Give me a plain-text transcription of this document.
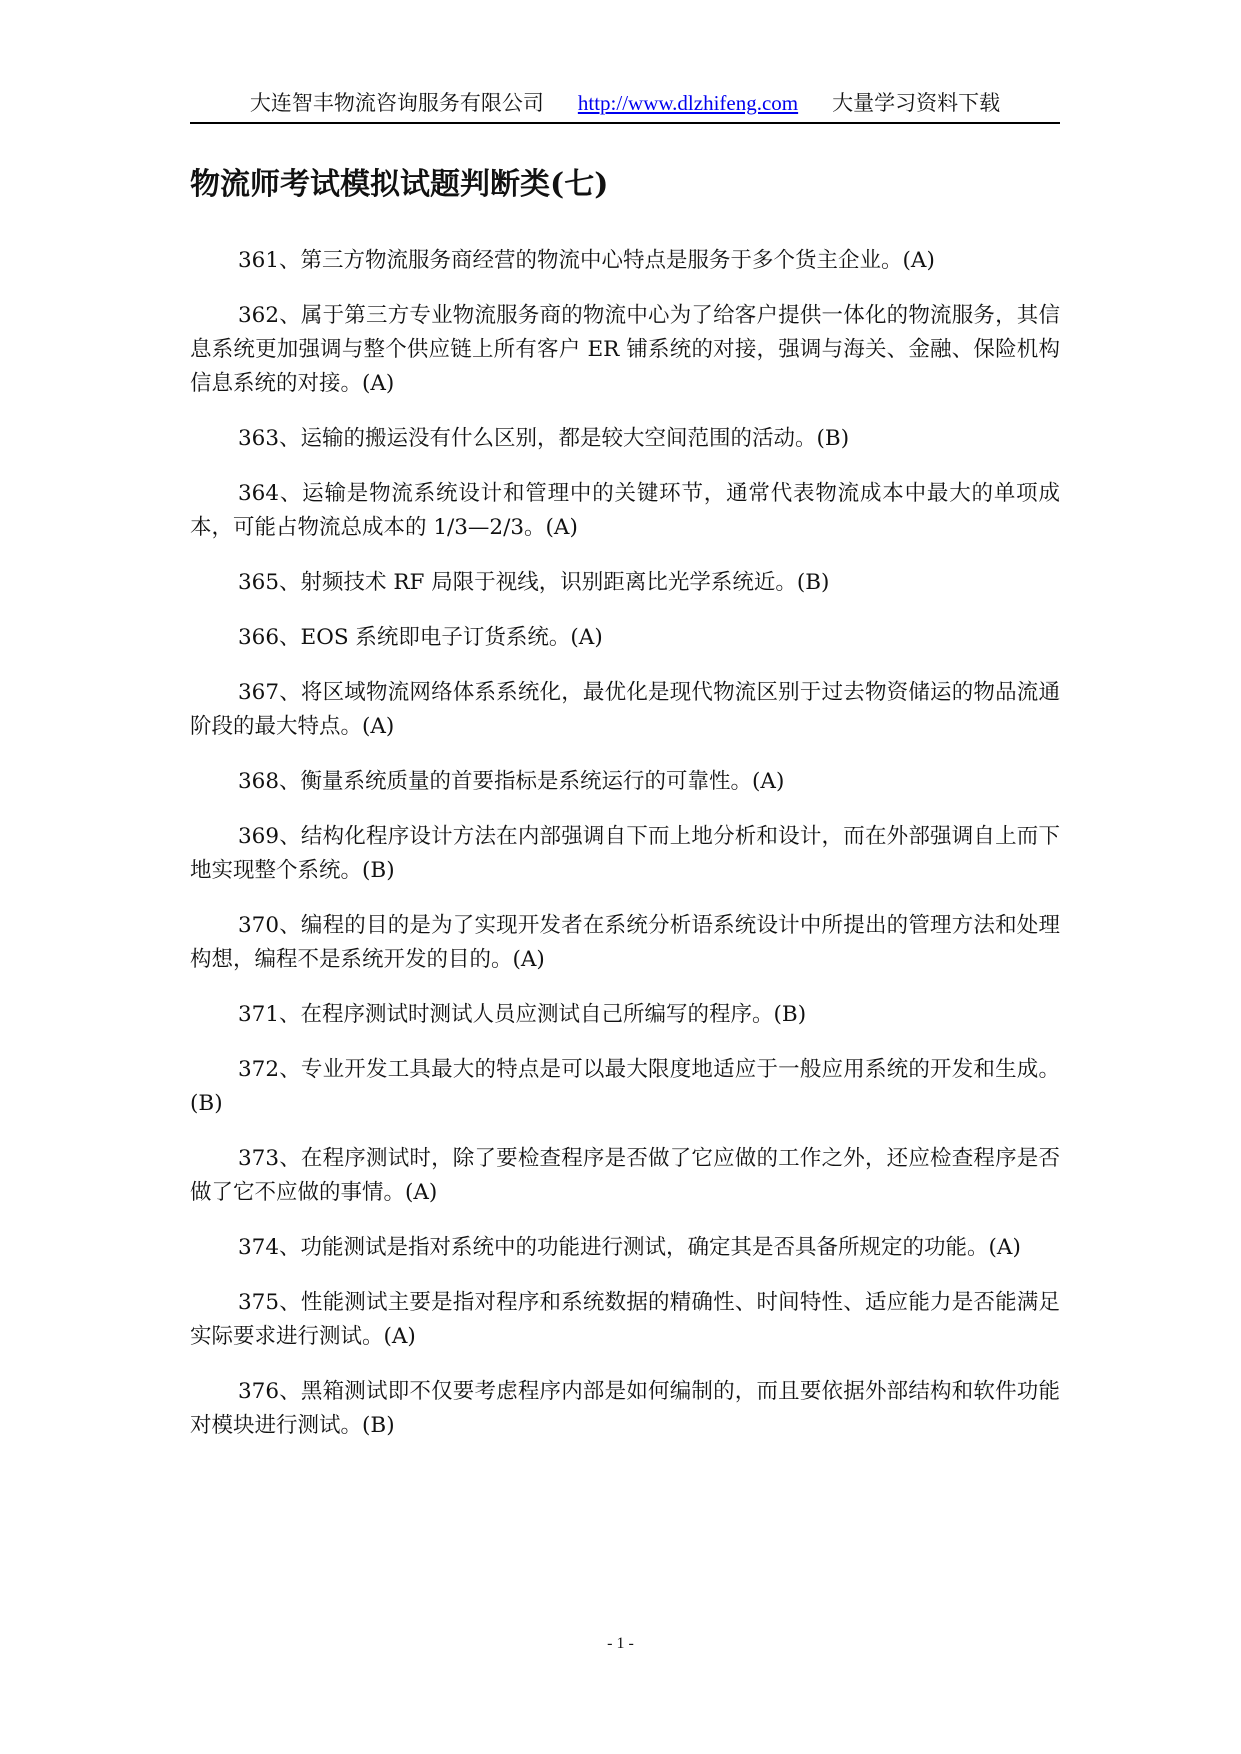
大连智丰物流咨询服务有限公司 http://www.dlzhifeng.com 大量学习资料下载
物流师考试模拟试题判断类(七)

361、第三方物流服务商经营的物流中心特点是服务于多个货主企业。(A)

362、属于第三方专业物流服务商的物流中心为了给客户提供一体化的物流服务，其信息系统更加强调与整个供应链上所有客户 ER 铺系统的对接，强调与海关、金融、保险机构信息系统的对接。(A)

363、运输的搬运没有什么区别，都是较大空间范围的活动。(B)

364、运输是物流系统设计和管理中的关键环节，通常代表物流成本中最大的单项成本，可能占物流总成本的 1/3—2/3。(A)

365、射频技术 RF 局限于视线，识别距离比光学系统近。(B)

366、EOS 系统即电子订货系统。(A)

367、将区域物流网络体系系统化，最优化是现代物流区别于过去物资储运的物品流通阶段的最大特点。(A)

368、衡量系统质量的首要指标是系统运行的可靠性。(A)

369、结构化程序设计方法在内部强调自下而上地分析和设计，而在外部强调自上而下地实现整个系统。(B)

370、编程的目的是为了实现开发者在系统分析语系统设计中所提出的管理方法和处理构想，编程不是系统开发的目的。(A)

371、在程序测试时测试人员应测试自己所编写的程序。(B)

372、专业开发工具最大的特点是可以最大限度地适应于一般应用系统的开发和生成。(B)

373、在程序测试时，除了要检查程序是否做了它应做的工作之外，还应检查程序是否做了它不应做的事情。(A)

374、功能测试是指对系统中的功能进行测试，确定其是否具备所规定的功能。(A)

375、性能测试主要是指对程序和系统数据的精确性、时间特性、适应能力是否能满足实际要求进行测试。(A)

376、黑箱测试即不仅要考虑程序内部是如何编制的，而且要依据外部结构和软件功能对模块进行测试。(B)

- 1 -
